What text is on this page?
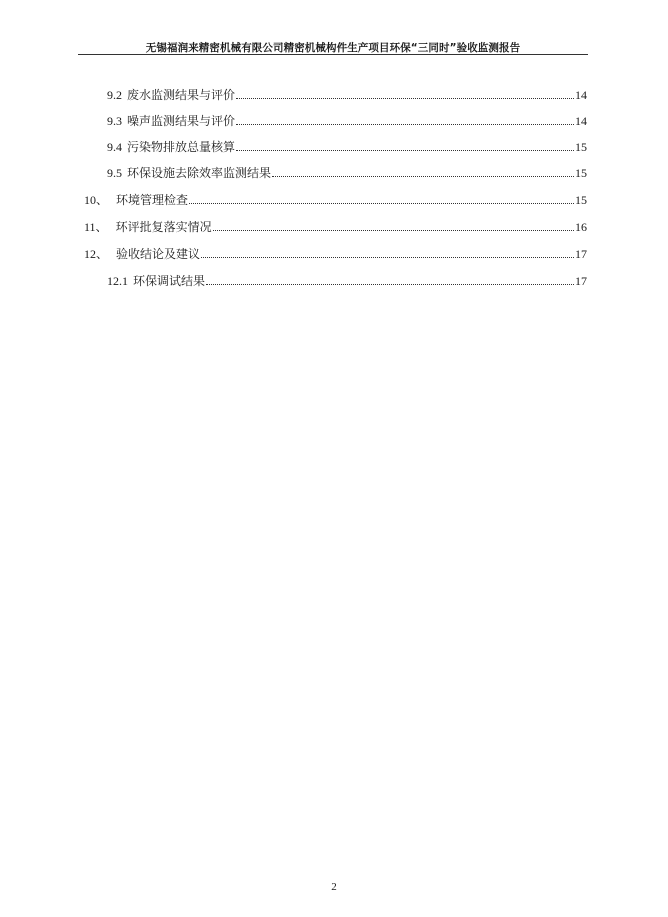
无锡福润来精密机械有限公司精密机械构件生产项目环保“三同时”验收监测报告
9.2 废水监测结果与评价	14
9.3 噪声监测结果与评价	14
9.4 污染物排放总量核算	15
9.5 环保设施去除效率监测结果	15
10、 环境管理检查	15
11、 环评批复落实情况	16
12、 验收结论及建议	17
12.1 环保调试结果	17
2
